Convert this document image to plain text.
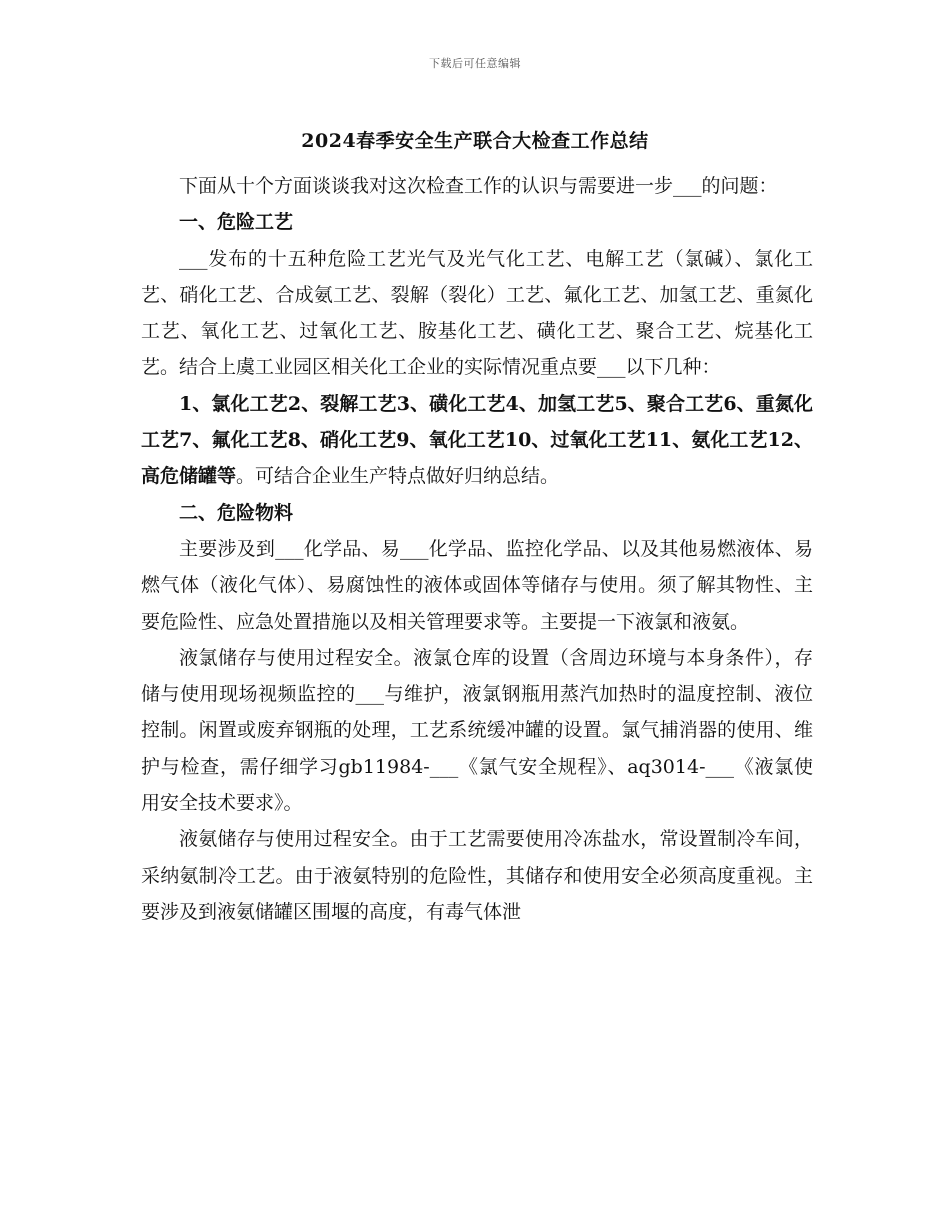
下载后可任意编辑
2024春季安全生产联合大检查工作总结

下面从十个方面谈谈我对这次检查工作的认识与需要进一步___的问题：

一、危险工艺

___发布的十五种危险工艺光气及光气化工艺、电解工艺（氯碱）、氯化工艺、硝化工艺、合成氨工艺、裂解（裂化）工艺、氟化工艺、加氢工艺、重氮化工艺、氧化工艺、过氧化工艺、胺基化工艺、磺化工艺、聚合工艺、烷基化工艺。结合上虞工业园区相关化工企业的实际情况重点要___以下几种：

1、氯化工艺2、裂解工艺3、磺化工艺4、加氢工艺5、聚合工艺6、重氮化工艺7、氟化工艺8、硝化工艺9、氧化工艺10、过氧化工艺11、氨化工艺12、高危储罐等。可结合企业生产特点做好归纳总结。

二、危险物料

主要涉及到___化学品、易___化学品、监控化学品、以及其他易燃液体、易燃气体（液化气体）、易腐蚀性的液体或固体等储存与使用。须了解其物性、主要危险性、应急处置措施以及相关管理要求等。主要提一下液氯和液氨。

液氯储存与使用过程安全。液氯仓库的设置（含周边环境与本身条件），存储与使用现场视频监控的___与维护，液氯钢瓶用蒸汽加热时的温度控制、液位控制。闲置或废弃钢瓶的处理，工艺系统缓冲罐的设置。氯气捕消器的使用、维护与检查，需仔细学习gb11984-___《氯气安全规程》、aq3014-___《液氯使用安全技术要求》。

液氨储存与使用过程安全。由于工艺需要使用冷冻盐水，常设置制冷车间，采纳氨制冷工艺。由于液氨特别的危险性，其储存和使用安全必须高度重视。主要涉及到液氨储罐区围堰的高度，有毒气体泄
